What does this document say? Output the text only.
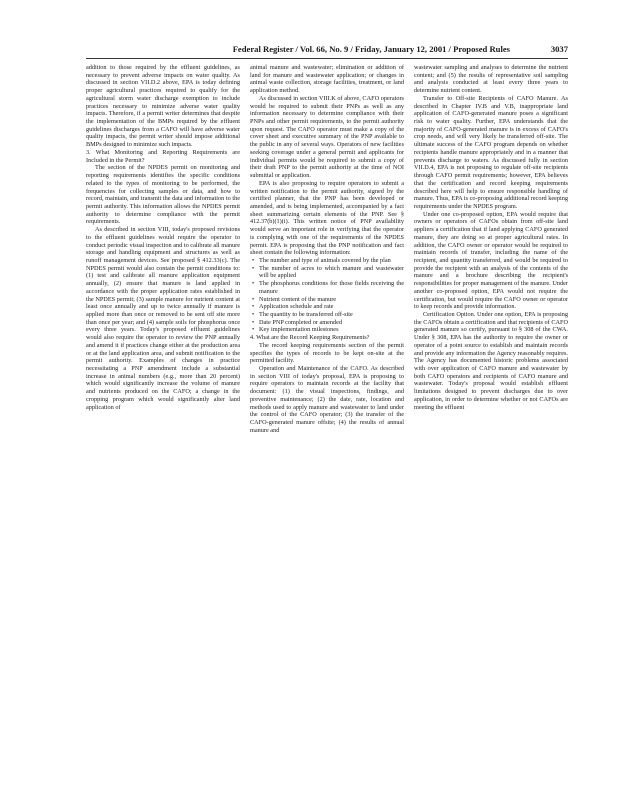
Federal Register / Vol. 66, No. 9 / Friday, January 12, 2001 / Proposed Rules	3037

addition to those required by the effluent guidelines, as necessary to prevent adverse impacts on water quality. As discussed in section VII.D.2 above, EPA is today defining proper agricultural practices required to qualify for the agricultural storm water discharge exemption to include practices necessary to minimize adverse water quality impacts. Therefore, if a permit writer determines that despite the implementation of the BMPs required by the effluent guidelines discharges from a CAFO will have adverse water quality impacts, the permit writer should impose additional BMPs designed to minimize such impacts.

3. What Monitoring and Reporting Requirements are Included in the Permit?

The section of the NPDES permit on monitoring and reporting requirements identifies the specific conditions related to the types of monitoring to be performed, the frequencies for collecting samples or data, and how to record, maintain, and transmit the data and information to the permit authority. This information allows the NPDES permit authority to determine compliance with the permit requirements.

As described in section VIII, today's proposed revisions to the effluent guidelines would require the operator to conduct periodic visual inspection and to calibrate all manure storage and handling equipment and structures as well as runoff management devices. See proposed § 412.33(c). The NPDES permit would also contain the permit conditions to: (1) test and calibrate all manure application equipment annually, (2) ensure that manure is land applied in accordance with the proper application rates established in the NPDES permit; (3) sample manure for nutrient content at least once annually and up to twice annually if manure is applied more than once or removed to be sent off site more than once per year; and (4) sample soils for phosphorus once every three years. Today's proposed effluent guidelines would also require the operator to review the PNP annually and amend it if practices change either at the production area or at the land application area, and submit notification to the permit authority. Examples of changes in practice necessitating a PNP amendment include a substantial increase in animal numbers (e.g., more than 20 percent) which would significantly increase the volume of manure and nutrients produced on the CAFO; a change in the cropping program which would significantly alter land application of

animal manure and wastewater; elimination or addition of land for manure and wastewater application; or changes in animal waste collection, storage facilities, treatment, or land application method.

As discussed in section VIII.K of above, CAFO operators would be required to submit their PNPs as well as any information necessary to determine compliance with their PNPs and other permit requirements, to the permit authority upon request. The CAFO operator must make a copy of the cover sheet and executive summary of the PNP available to the public in any of several ways. Operators of new facilities seeking coverage under a general permit and applicants for individual permits would be required to submit a copy of their draft PNP to the permit authority at the time of NOI submittal or application.

EPA is also proposing to require operators to submit a written notification to the permit authority, signed by the certified planner, that the PNP has been developed or amended, and is being implemented, accompanied by a fact sheet summarizing certain elements of the PNP. See § 412.37(b)(1)(i). This written notice of PNP availability would serve an important role in verifying that the operator is complying with one of the requirements of the NPDES permit. EPA is proposing that the PNP notification and fact sheet contain the following information:

• The number and type of animals covered by the plan
• The number of acres to which manure and wastewater will be applied
• The phosphorus conditions for those fields receiving the manure
• Nutrient content of the manure
• Application schedule and rate
• The quantity to be transferred off-site
• Date PNP completed or amended
• Key implementation milestones

4. What are the Record Keeping Requirements?

The record keeping requirements section of the permit specifies the types of records to be kept on-site at the permitted facility.

Operation and Maintenance of the CAFO. As described in section VIII of today's proposal, EPA is proposing to require operators to maintain records at the facility that document: (1) the visual inspections, findings, and preventive maintenance; (2) the date, rate, location and methods used to apply manure and wastewater to land under the control of the CAFO operator; (3) the transfer of the CAFO-generated manure offsite; (4) the results of annual manure and

wastewater sampling and analyses to determine the nutrient content; and (5) the results of representative soil sampling and analysis conducted at least every three years to determine nutrient content.

Transfer to Off-site Recipients of CAFO Manure. As described in Chapter IV.B and V.B, inappropriate land application of CAFO-generated manure poses a significant risk to water quality. Further, EPA understands that the majority of CAFO-generated manure is in excess of CAFO's crop needs, and will very likely be transferred off-site. The ultimate success of the CAFO program depends on whether recipients handle manure appropriately and in a manner that prevents discharge to waters. As discussed fully in section VII.D.4, EPA is not proposing to regulate off-site recipients through CAFO permit requirements; however, EPA believes that the certification and record keeping requirements described here will help to ensure responsible handling of manure. Thus, EPA is co-proposing additional record keeping requirements under the NPDES program.

Under one co-proposed option, EPA would require that owners or operators of CAFOs obtain from off-site land appliers a certification that if land applying CAFO generated manure, they are doing so at proper agricultural rates. In addition, the CAFO owner or operator would be required to maintain records of transfer, including the name of the recipient, and quantity transferred, and would be required to provide the recipient with an analysis of the contents of the manure and a brochure describing the recipient's responsibilities for proper management of the manure. Under another co-proposed option, EPA would not require the certification, but would require the CAFO owner or operator to keep records and provide information.

Certification Option. Under one option, EPA is proposing the CAFOs obtain a certification and that recipients of CAFO generated manure so certify, pursuant to § 308 of the CWA. Under § 308, EPA has the authority to require the owner or operator of a point source to establish and maintain records and provide any information the Agency reasonably requires. The Agency has documented historic problems associated with over application of CAFO manure and wastewater by both CAFO operators and recipients of CAFO manure and wastewater. Today's proposal would establish effluent limitations designed to prevent discharges due to over application, in order to determine whether or not CAFOs are meeting the effluent
